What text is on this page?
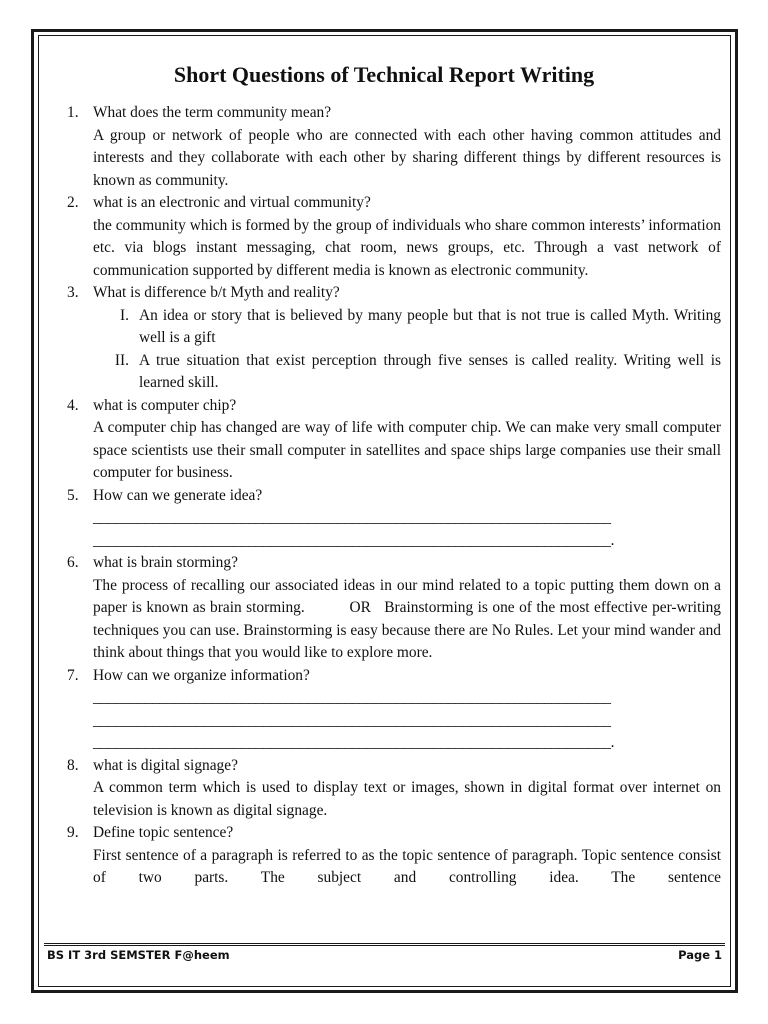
Short Questions of Technical Report Writing
1. What does the term community mean?
A group or network of people who are connected with each other having common attitudes and interests and they collaborate with each other by sharing different things by different resources is known as community.
2. what is an electronic and virtual community?
the community which is formed by the group of individuals who share common interests’ information etc. via blogs instant messaging, chat room, news groups, etc. Through a vast network of communication supported by different media is known as electronic community.
3. What is difference b/t Myth and reality?
I. An idea or story that is believed by many people but that is not true is called Myth. Writing well is a gift
II. A true situation that exist perception through five senses is called reality. Writing well is learned skill.
4. what is computer chip?
A computer chip has changed are way of life with computer chip. We can make very small computer space scientists use their small computer in satellites and space ships large companies use their small computer for business.
5. How can we generate idea?
______________________________________________________________________
______________________________________________________________________.
6. what is brain storming?
The process of recalling our associated ideas in our mind related to a topic putting them down on a paper is known as brain storming.          OR   Brainstorming is one of the most effective per-writing techniques you can use. Brainstorming is easy because there are No Rules. Let your mind wander and think about things that you would like to explore more.
7. How can we organize information?
______________________________________________________________________
______________________________________________________________________
______________________________________________________________________.
8. what is digital signage?
A common term which is used to display text or images, shown in digital format over internet on television is known as digital signage.
9. Define topic sentence?
First sentence of a paragraph is referred to as the topic sentence of paragraph. Topic sentence consist of two parts. The subject and controlling idea. The sentence
BS IT 3rd SEMSTER F@heem	Page 1
